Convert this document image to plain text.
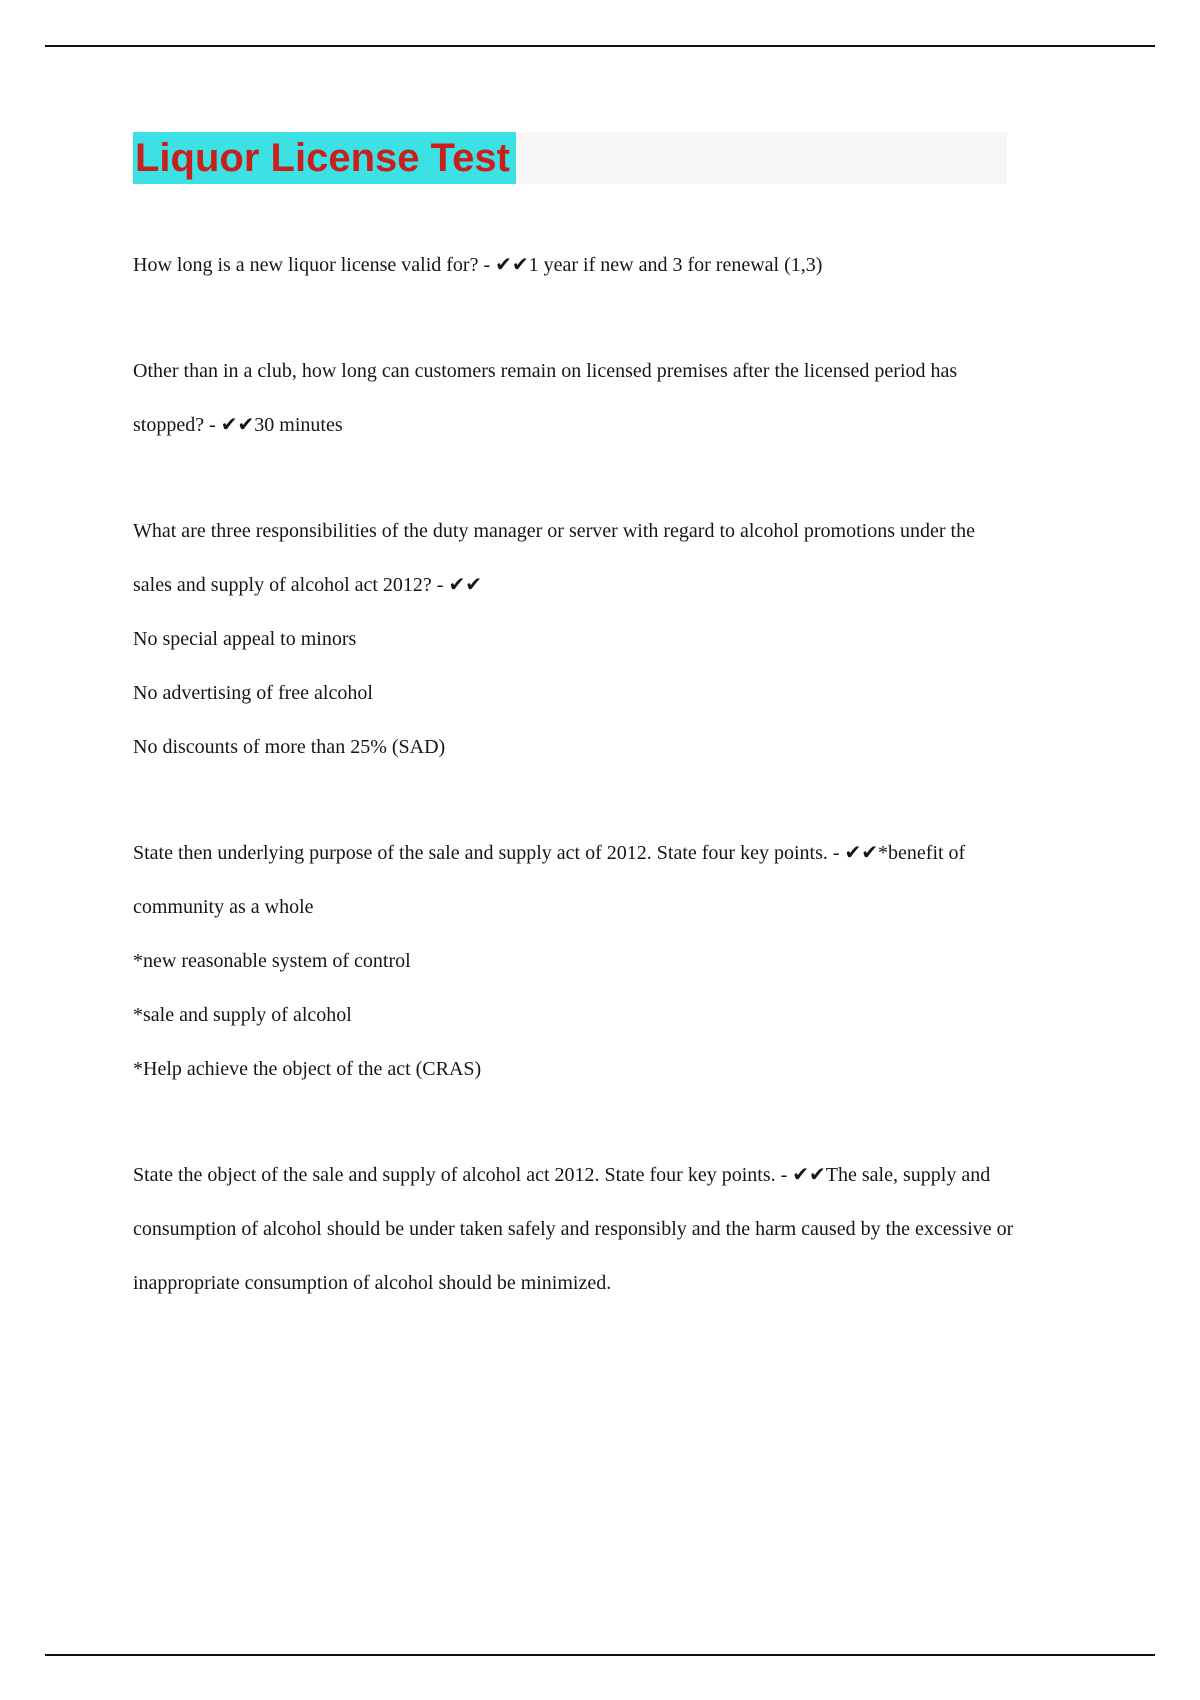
Liquor License Test

How long is a new liquor license valid for? - ✔✔1 year if new and 3 for renewal (1,3)

Other than in a club, how long can customers remain on licensed premises after the licensed period has stopped? - ✔✔30 minutes

What are three responsibilities of the duty manager or server with regard to alcohol promotions under the sales and supply of alcohol act 2012? - ✔✔

No special appeal to minors

No advertising of free alcohol

No discounts of more than 25% (SAD)

State then underlying purpose of the sale and supply act of 2012. State four key points. - ✔✔*benefit of community as a whole

*new reasonable system of control

*sale and supply of alcohol

*Help achieve the object of the act (CRAS)

State the object of the sale and supply of alcohol act 2012. State four key points. - ✔✔The sale, supply and consumption of alcohol should be under taken safely and responsibly and the harm caused by the excessive or inappropriate consumption of alcohol should be minimized.
